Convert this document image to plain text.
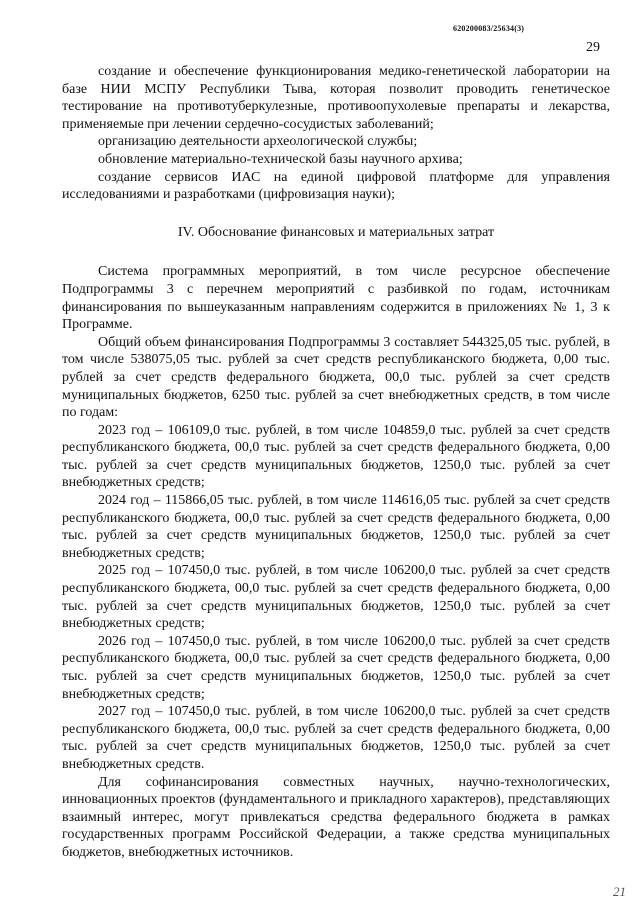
620200083/25634(3)
29

создание и обеспечение функционирования медико-генетической лаборатории на базе НИИ МСПУ Республики Тыва, которая позволит проводить генетическое тестирование на противотуберкулезные, противоопухолевые препараты и лекарства, применяемые при лечении сердечно-сосудистых заболеваний;

организацию деятельности археологической службы;

обновление материально-технической базы научного архива;

создание сервисов ИАС на единой цифровой платформе для управления исследованиями и разработками (цифровизация науки);

IV. Обоснование финансовых и материальных затрат

Система программных мероприятий, в том числе ресурсное обеспечение Подпрограммы 3 с перечнем мероприятий с разбивкой по годам, источникам финансирования по вышеуказанным направлениям содержится в приложениях № 1, 3 к Программе.

Общий объем финансирования Подпрограммы 3 составляет 544325,05 тыс. рублей, в том числе 538075,05 тыс. рублей за счет средств республиканского бюджета, 0,00 тыс. рублей за счет средств федерального бюджета, 00,0 тыс. рублей за счет средств муниципальных бюджетов, 6250 тыс. рублей за счет внебюджетных средств, в том числе по годам:

2023 год – 106109,0 тыс. рублей, в том числе 104859,0 тыс. рублей за счет средств республиканского бюджета, 00,0 тыс. рублей за счет средств федерального бюджета, 0,00 тыс. рублей за счет средств муниципальных бюджетов, 1250,0 тыс. рублей за счет внебюджетных средств;

2024 год – 115866,05 тыс. рублей, в том числе 114616,05 тыс. рублей за счет средств республиканского бюджета, 00,0 тыс. рублей за счет средств федерального бюджета, 0,00 тыс. рублей за счет средств муниципальных бюджетов, 1250,0 тыс. рублей за счет внебюджетных средств;

2025 год – 107450,0 тыс. рублей, в том числе 106200,0 тыс. рублей за счет средств республиканского бюджета, 00,0 тыс. рублей за счет средств федерального бюджета, 0,00 тыс. рублей за счет средств муниципальных бюджетов, 1250,0 тыс. рублей за счет внебюджетных средств;

2026 год – 107450,0 тыс. рублей, в том числе 106200,0 тыс. рублей за счет средств республиканского бюджета, 00,0 тыс. рублей за счет средств федерального бюджета, 0,00 тыс. рублей за счет средств муниципальных бюджетов, 1250,0 тыс. рублей за счет внебюджетных средств;

2027 год – 107450,0 тыс. рублей, в том числе 106200,0 тыс. рублей за счет средств республиканского бюджета, 00,0 тыс. рублей за счет средств федерального бюджета, 0,00 тыс. рублей за счет средств муниципальных бюджетов, 1250,0 тыс. рублей за счет внебюджетных средств.

Для софинансирования совместных научных, научно-технологических, инновационных проектов (фундаментального и прикладного характеров), представляющих взаимный интерес, могут привлекаться средства федерального бюджета в рамках государственных программ Российской Федерации, а также средства муниципальных бюджетов, внебюджетных источников.

21
